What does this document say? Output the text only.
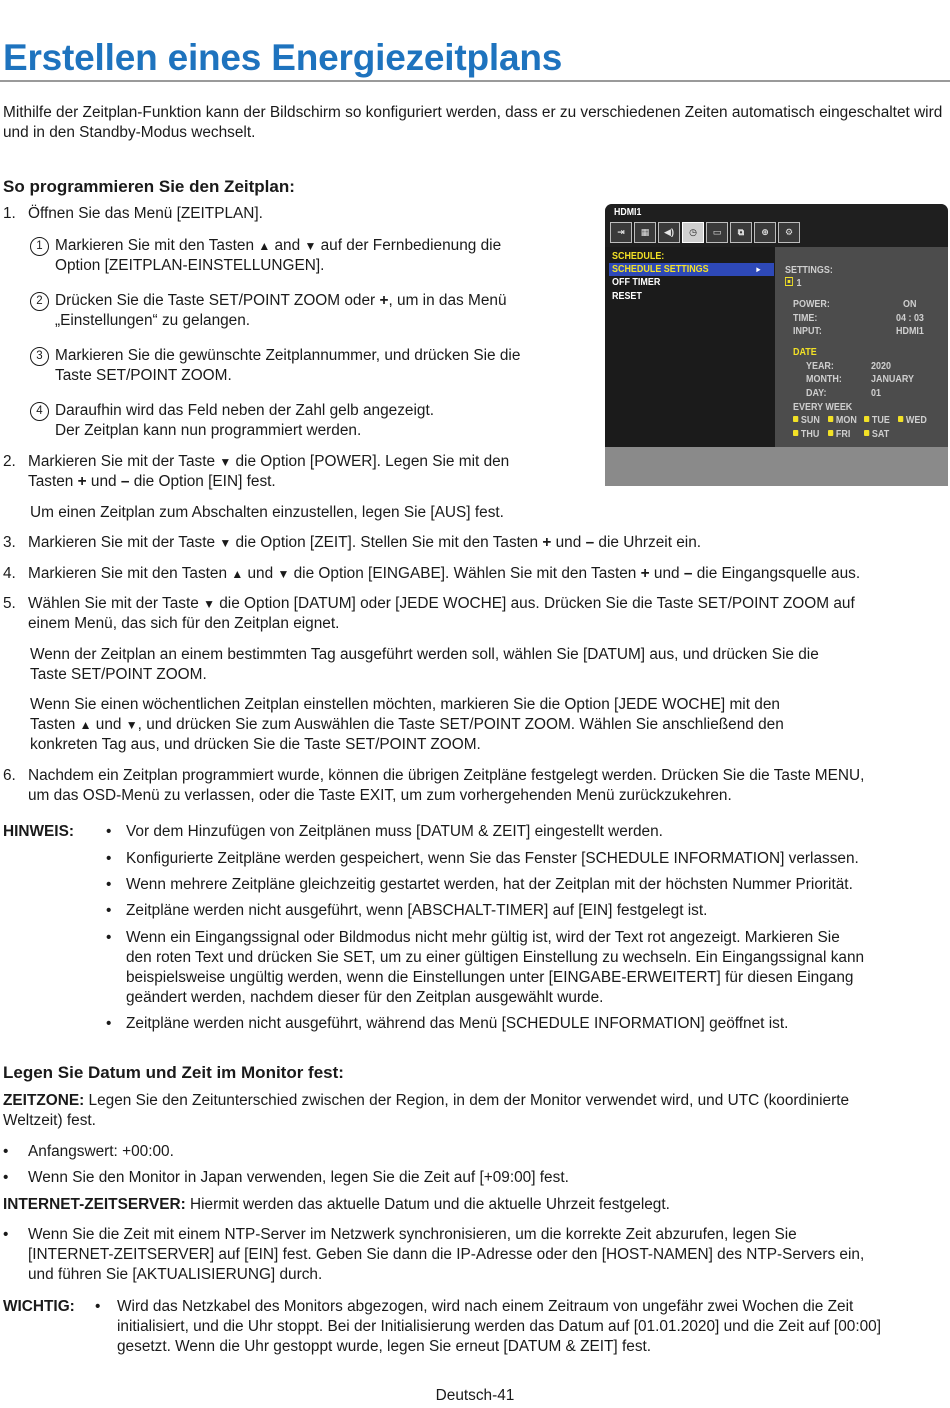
Erstellen eines Energiezeitplans
Mithilfe der Zeitplan-Funktion kann der Bildschirm so konfiguriert werden, dass er zu verschiedenen Zeiten automatisch eingeschaltet wird und in den Standby-Modus wechselt.
So programmieren Sie den Zeitplan:
1. Öffnen Sie das Menü [ZEITPLAN].
1 Markieren Sie mit den Tasten ▲ and ▼ auf der Fernbedienung die
Option [ZEITPLAN-EINSTELLUNGEN].
2 Drücken Sie die Taste SET/POINT ZOOM oder +, um in das Menü
„Einstellungen“ zu gelangen.
3 Markieren Sie die gewünschte Zeitplannummer, und drücken Sie die
Taste SET/POINT ZOOM.
4 Daraufhin wird das Feld neben der Zahl gelb angezeigt.
Der Zeitplan kann nun programmiert werden.
2. Markieren Sie mit der Taste ▼ die Option [POWER]. Legen Sie mit den
Tasten + und – die Option [EIN] fest.
Um einen Zeitplan zum Abschalten einzustellen, legen Sie [AUS] fest.
3. Markieren Sie mit der Taste ▼ die Option [ZEIT]. Stellen Sie mit den Tasten + und – die Uhrzeit ein.
4. Markieren Sie mit den Tasten ▲ und ▼ die Option [EINGABE]. Wählen Sie mit den Tasten + und – die Eingangsquelle aus.
5. Wählen Sie mit der Taste ▼ die Option [DATUM] oder [JEDE WOCHE] aus. Drücken Sie die Taste SET/POINT ZOOM auf
einem Menü, das sich für den Zeitplan eignet.
Wenn der Zeitplan an einem bestimmten Tag ausgeführt werden soll, wählen Sie [DATUM] aus, und drücken Sie die
Taste SET/POINT ZOOM.
Wenn Sie einen wöchentlichen Zeitplan einstellen möchten, markieren Sie die Option [JEDE WOCHE] mit den
Tasten ▲ und ▼, und drücken Sie zum Auswählen die Taste SET/POINT ZOOM. Wählen Sie anschließend den
konkreten Tag aus, und drücken Sie die Taste SET/POINT ZOOM.
6. Nachdem ein Zeitplan programmiert wurde, können die übrigen Zeitpläne festgelegt werden. Drücken Sie die Taste MENU,
um das OSD-Menü zu verlassen, oder die Taste EXIT, um zum vorhergehenden Menü zurückzukehren.
HINWEIS: • Vor dem Hinzufügen von Zeitplänen muss [DATUM & ZEIT] eingestellt werden.
• Konfigurierte Zeitpläne werden gespeichert, wenn Sie das Fenster [SCHEDULE INFORMATION] verlassen.
• Wenn mehrere Zeitpläne gleichzeitig gestartet werden, hat der Zeitplan mit der höchsten Nummer Priorität.
• Zeitpläne werden nicht ausgeführt, wenn [ABSCHALT-TIMER] auf [EIN] festgelegt ist.
• Wenn ein Eingangssignal oder Bildmodus nicht mehr gültig ist, wird der Text rot angezeigt. Markieren Sie
den roten Text und drücken Sie SET, um zu einer gültigen Einstellung zu wechseln. Ein Eingangssignal kann
beispielsweise ungültig werden, wenn die Einstellungen unter [EINGABE-ERWEITERT] für diesen Eingang
geändert werden, nachdem dieser für den Zeitplan ausgewählt wurde.
• Zeitpläne werden nicht ausgeführt, während das Menü [SCHEDULE INFORMATION] geöffnet ist.
Legen Sie Datum und Zeit im Monitor fest:
ZEITZONE: Legen Sie den Zeitunterschied zwischen der Region, in dem der Monitor verwendet wird, und UTC (koordinierte
Weltzeit) fest.
• Anfangswert: +00:00.
• Wenn Sie den Monitor in Japan verwenden, legen Sie die Zeit auf [+09:00] fest.
INTERNET-ZEITSERVER: Hiermit werden das aktuelle Datum und die aktuelle Uhrzeit festgelegt.
• Wenn Sie die Zeit mit einem NTP-Server im Netzwerk synchronisieren, um die korrekte Zeit abzurufen, legen Sie
[INTERNET-ZEITSERVER] auf [EIN] fest. Geben Sie dann die IP-Adresse oder den [HOST-NAMEN] des NTP-Servers ein,
und führen Sie [AKTUALISIERUNG] durch.
WICHTIG: • Wird das Netzkabel des Monitors abgezogen, wird nach einem Zeitraum von ungefähr zwei Wochen die Zeit
initialisiert, und die Uhr stoppt. Bei der Initialisierung werden das Datum auf [01.01.2020] und die Zeit auf [00:00]
gesetzt. Wenn die Uhr gestoppt wurde, legen Sie erneut [DATUM & ZEIT] fest.
Deutsch-41
HDMI1
⇥	▦	◀)	◷	▭	⧉	⊕	⚙
SCHEDULE:
SCHEDULE SETTINGS	►
OFF TIMER
RESET
SETTINGS:
1
POWER:	ON
TIME:	04 : 03
INPUT:	HDMI1
DATE
YEAR:	2020
MONTH:	JANUARY
DAY:	01
EVERY WEEK
SUN	MON	TUE	WED
THU	FRI	SAT
